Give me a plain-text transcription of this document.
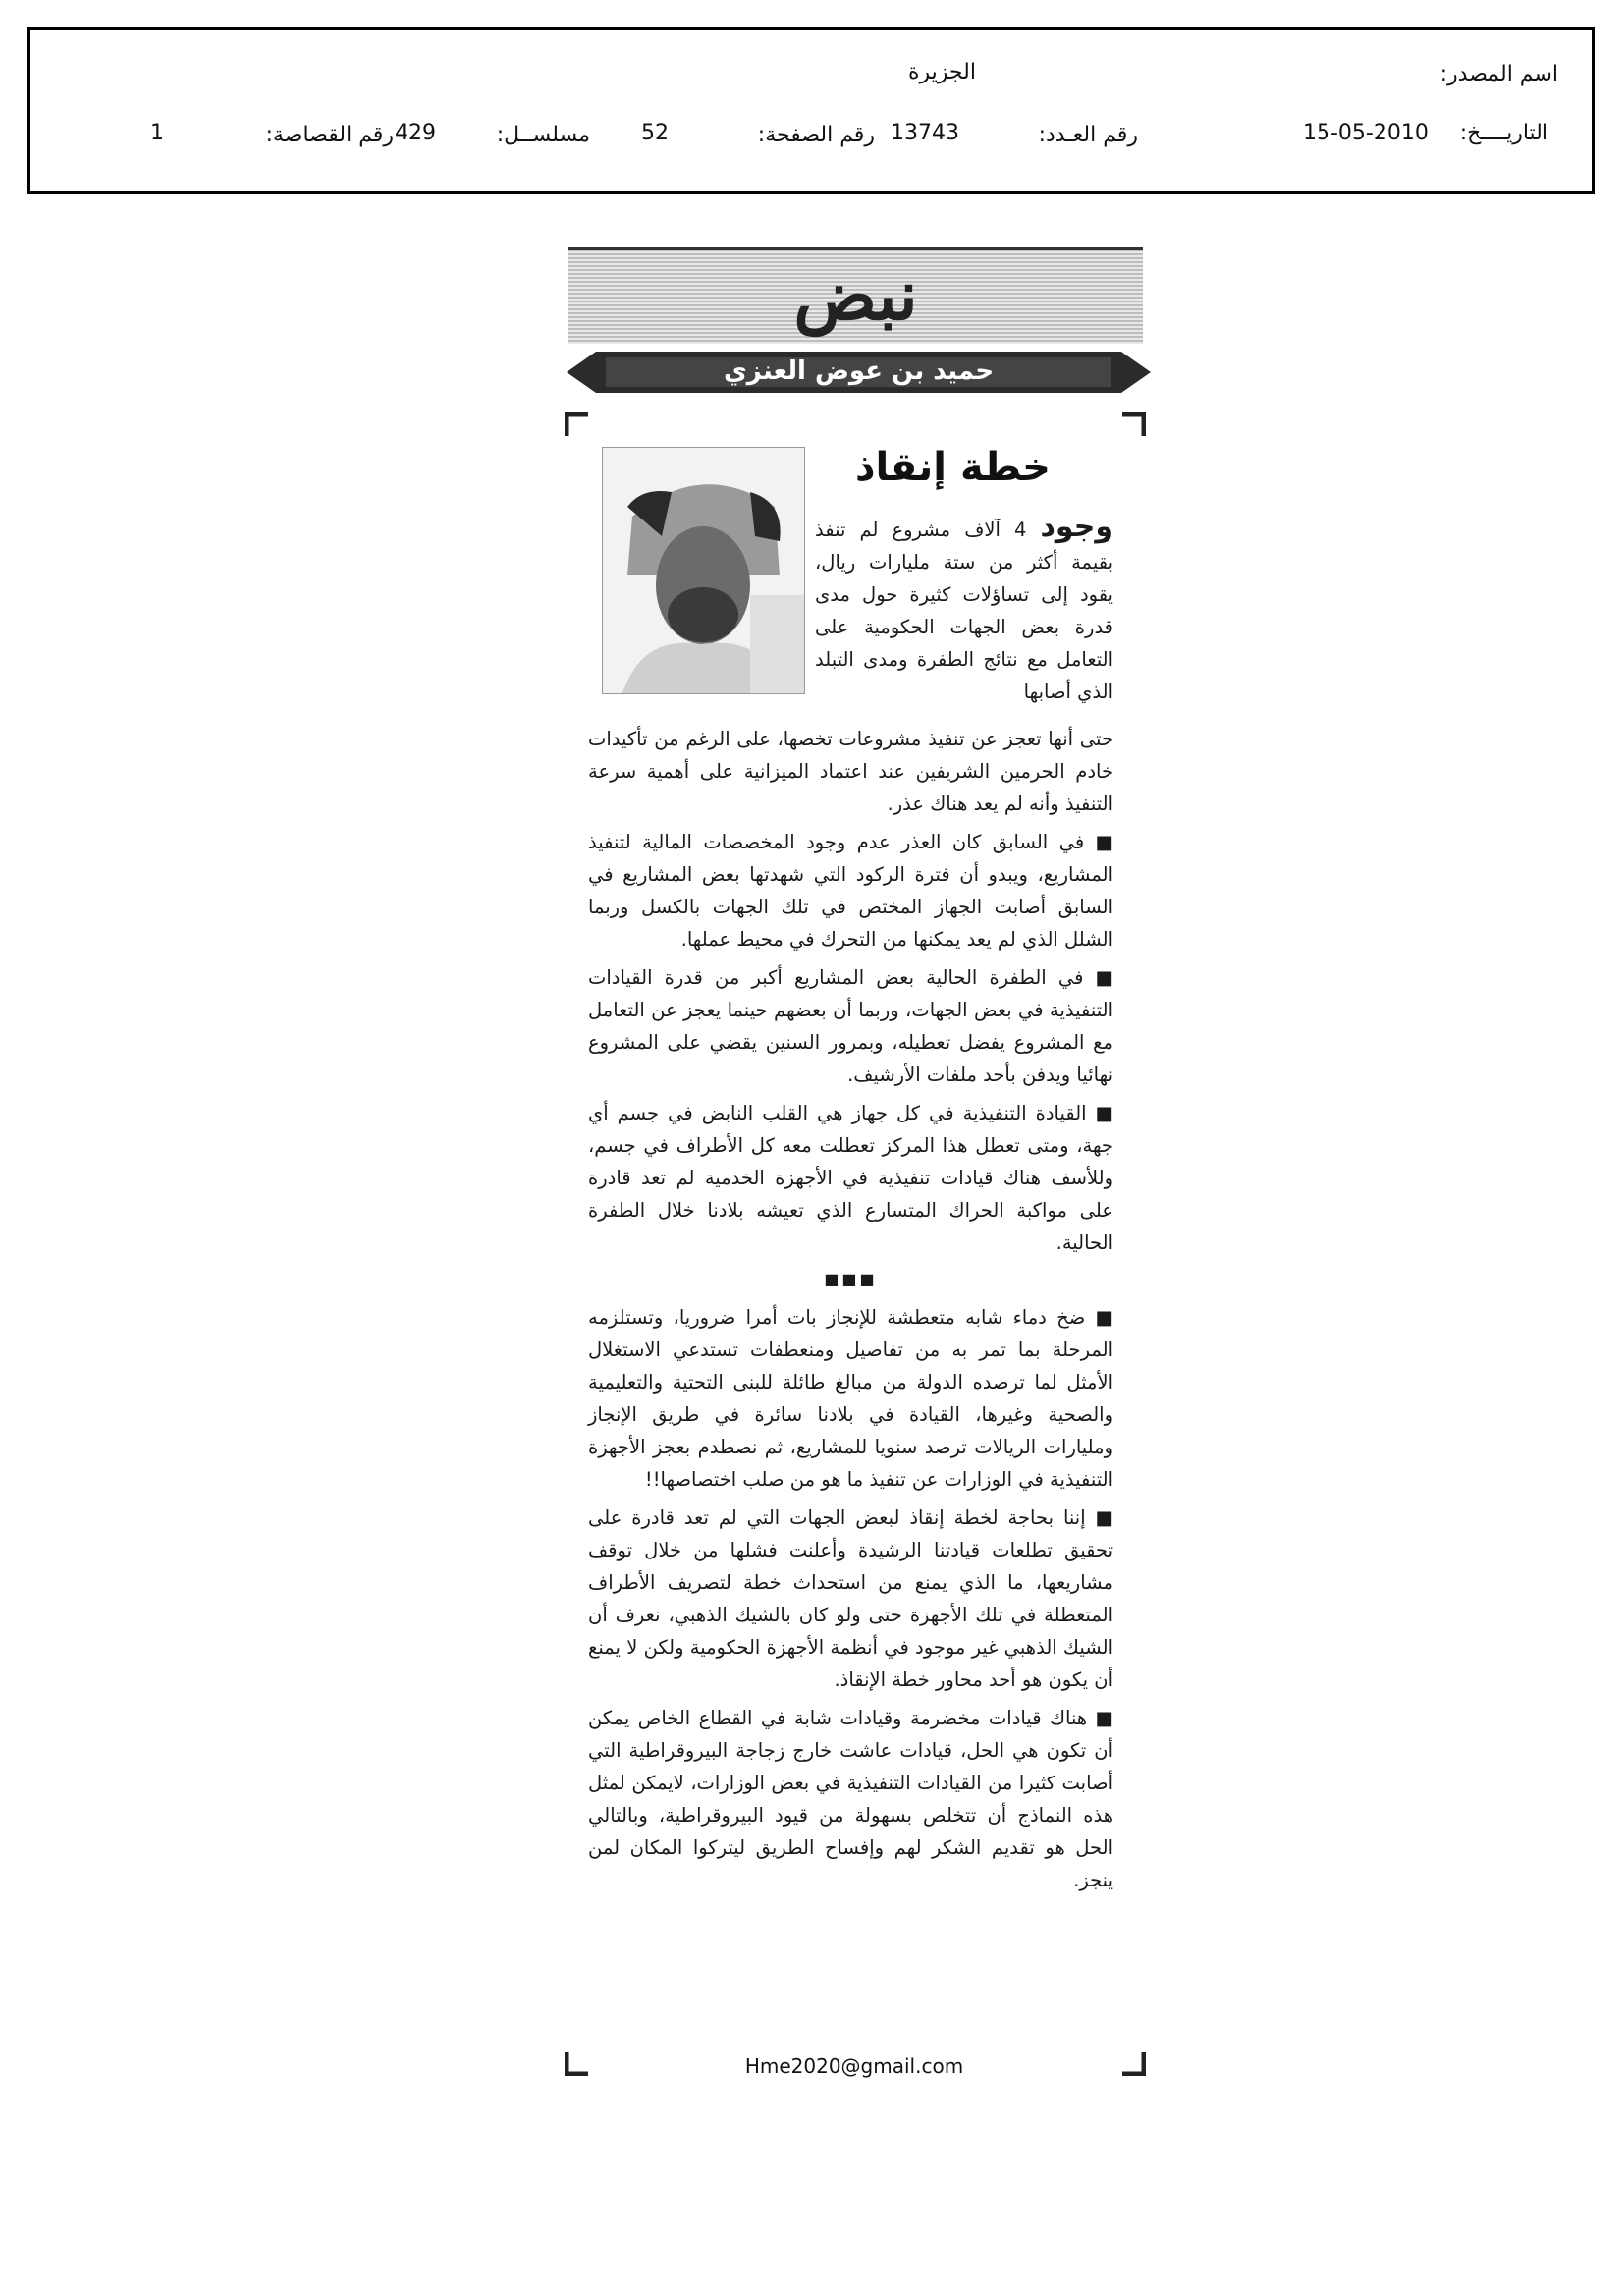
اسم المصدر:
الجزيرة
التاريــــخ:
15-05-2010
رقم العـدد:
13743
رقم الصفحة:
52
مسلســل:
429
رقم القصاصة:
1
نبض
حميد بن عوض العنزي
خطة إنقاذ

وجود 4 آلاف مشروع لم تنفذ بقيمة أكثر من ستة مليارات ريال، يقود إلى تساؤلات كثيرة حول مدى قدرة بعض الجهات الحكومية على التعامل مع نتائج الطفرة ومدى التبلد الذي أصابها

حتى أنها تعجز عن تنفيذ مشروعات تخصها، على الرغم من تأكيدات خادم الحرمين الشريفين عند اعتماد الميزانية على أهمية سرعة التنفيذ وأنه لم يعد هناك عذر.

■ في السابق كان العذر عدم وجود المخصصات المالية لتنفيذ المشاريع، ويبدو أن فترة الركود التي شهدتها بعض المشاريع في السابق أصابت الجهاز المختص في تلك الجهات بالكسل وربما الشلل الذي لم يعد يمكنها من التحرك في محيط عملها.

■ في الطفرة الحالية بعض المشاريع أكبر من قدرة القيادات التنفيذية في بعض الجهات، وربما أن بعضهم حينما يعجز عن التعامل مع المشروع يفضل تعطيله، وبمرور السنين يقضي على المشروع نهائيا ويدفن بأحد ملفات الأرشيف.

■ القيادة التنفيذية في كل جهاز هي القلب النابض في جسم أي جهة، ومتى تعطل هذا المركز تعطلت معه كل الأطراف في جسم، وللأسف هناك قيادات تنفيذية في الأجهزة الخدمية لم تعد قادرة على مواكبة الحراك المتسارع الذي تعيشه بلادنا خلال الطفرة الحالية.

■■■

■ ضخ دماء شابه متعطشة للإنجاز بات أمرا ضروريا، وتستلزمه المرحلة بما تمر به من تفاصيل ومنعطفات تستدعي الاستغلال الأمثل لما ترصده الدولة من مبالغ طائلة للبنى التحتية والتعليمية والصحية وغيرها، القيادة في بلادنا سائرة في طريق الإنجاز ومليارات الريالات ترصد سنويا للمشاريع، ثم نصطدم بعجز الأجهزة التنفيذية في الوزارات عن تنفيذ ما هو من صلب اختصاصها!!

■ إننا بحاجة لخطة إنقاذ لبعض الجهات التي لم تعد قادرة على تحقيق تطلعات قيادتنا الرشيدة وأعلنت فشلها من خلال توقف مشاريعها، ما الذي يمنع من استحداث خطة لتصريف الأطراف المتعطلة في تلك الأجهزة حتى ولو كان بالشيك الذهبي، نعرف أن الشيك الذهبي غير موجود في أنظمة الأجهزة الحكومية ولكن لا يمنع أن يكون هو أحد محاور خطة الإنقاذ.

■ هناك قيادات مخضرمة وقيادات شابة في القطاع الخاص يمكن أن تكون هي الحل، قيادات عاشت خارج زجاجة البيروقراطية التي أصابت كثيرا من القيادات التنفيذية في بعض الوزارات، لايمكن لمثل هذه النماذج أن تتخلص بسهولة من قيود البيروقراطية، وبالتالي الحل هو تقديم الشكر لهم وإفساح الطريق ليتركوا المكان لمن ينجز.

Hme2020@gmail.com
